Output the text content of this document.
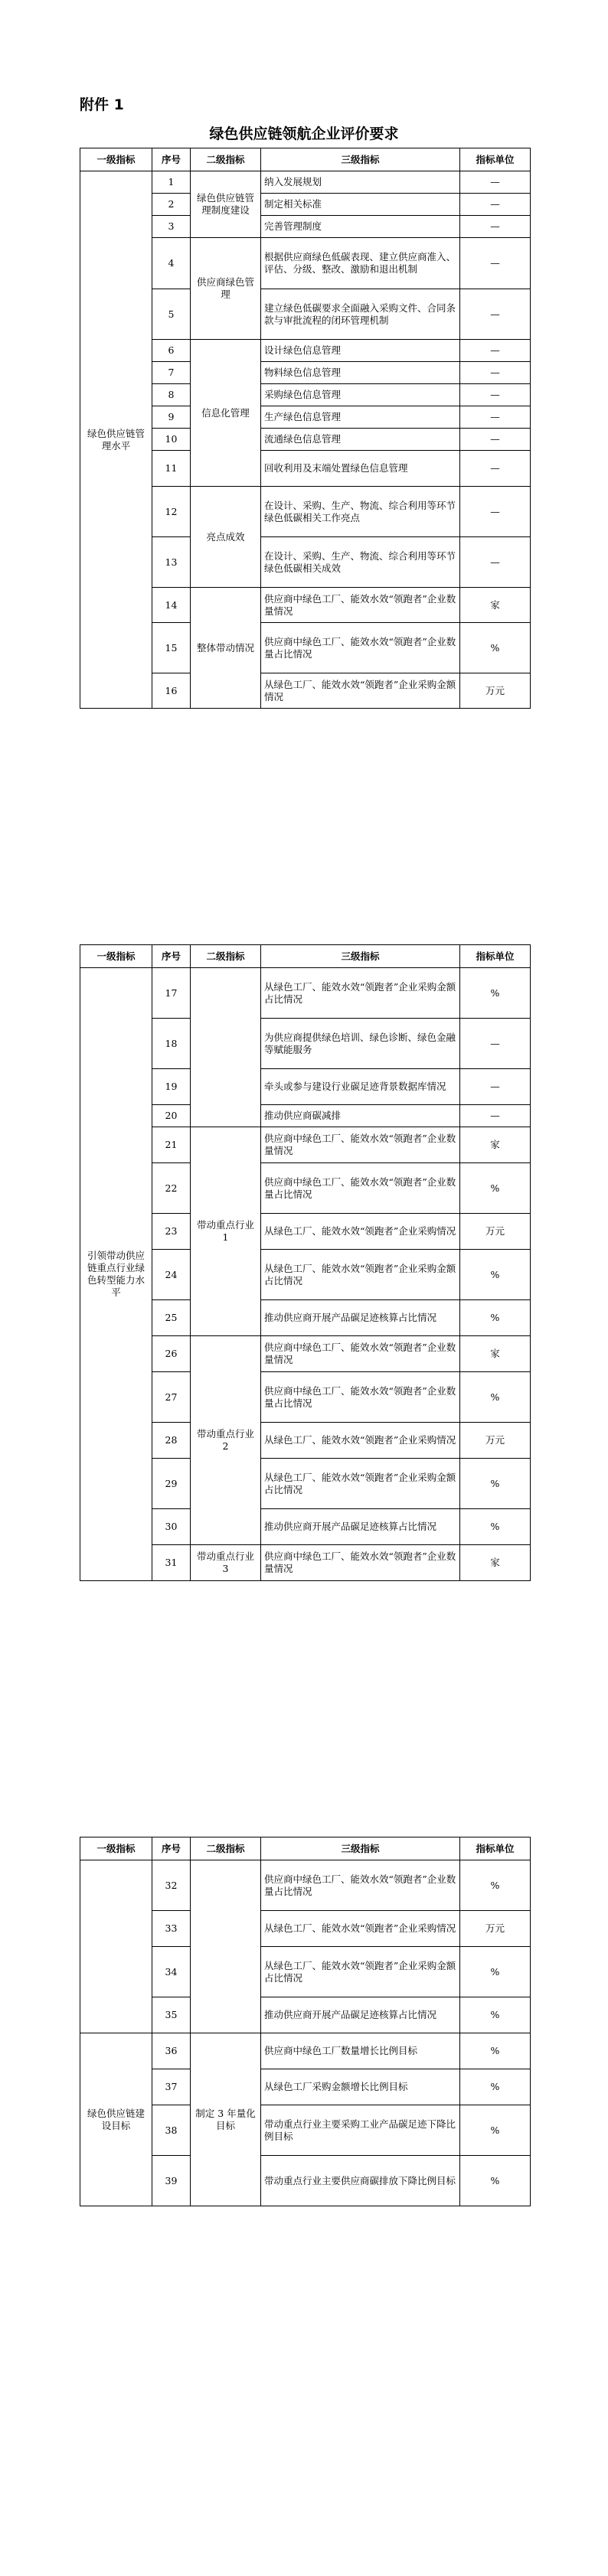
附件 1
绿色供应链领航企业评价要求
一级指标	序号	二级指标	三级指标	指标单位
绿色供应链管理水平	1	绿色供应链管理制度建设	纳入发展规划	—
	2		制定相关标准	—
	3		完善管理制度	—
	4	供应商绿色管理	根据供应商绿色低碳表现、建立供应商准入、评估、分级、整改、激励和退出机制	—
	5		建立绿色低碳要求全面融入采购文件、合同条款与审批流程的闭环管理机制	—
	6	信息化管理	设计绿色信息管理	—
	7		物料绿色信息管理	—
	8		采购绿色信息管理	—
	9		生产绿色信息管理	—
	10		流通绿色信息管理	—
	11		回收利用及末端处置绿色信息管理	—
	12	亮点成效	在设计、采购、生产、物流、综合利用等环节绿色低碳相关工作亮点	—
	13		在设计、采购、生产、物流、综合利用等环节绿色低碳相关成效	—
	14	整体带动情况	供应商中绿色工厂、能效水效“领跑者”企业数量情况	家
	15		供应商中绿色工厂、能效水效“领跑者”企业数量占比情况	%
	16		从绿色工厂、能效水效“领跑者”企业采购金额情况	万元
一级指标	序号	二级指标	三级指标	指标单位
引领带动供应链重点行业绿色转型能力水平	17		从绿色工厂、能效水效“领跑者”企业采购金额占比情况	%
	18		为供应商提供绿色培训、绿色诊断、绿色金融等赋能服务	—
	19		牵头或参与建设行业碳足迹背景数据库情况	—
	20		推动供应商碳减排	—
	21	带动重点行业 1	供应商中绿色工厂、能效水效“领跑者”企业数量情况	家
	22		供应商中绿色工厂、能效水效“领跑者”企业数量占比情况	%
	23		从绿色工厂、能效水效“领跑者”企业采购情况	万元
	24		从绿色工厂、能效水效“领跑者”企业采购金额占比情况	%
	25		推动供应商开展产品碳足迹核算占比情况	%
	26	带动重点行业 2	供应商中绿色工厂、能效水效“领跑者”企业数量情况	家
	27		供应商中绿色工厂、能效水效“领跑者”企业数量占比情况	%
	28		从绿色工厂、能效水效“领跑者”企业采购情况	万元
	29		从绿色工厂、能效水效“领跑者”企业采购金额占比情况	%
	30		推动供应商开展产品碳足迹核算占比情况	%
	31	带动重点行业 3	供应商中绿色工厂、能效水效“领跑者”企业数量情况	家
一级指标	序号	二级指标	三级指标	指标单位
	32		供应商中绿色工厂、能效水效“领跑者”企业数量占比情况	%
	33		从绿色工厂、能效水效“领跑者”企业采购情况	万元
	34		从绿色工厂、能效水效“领跑者”企业采购金额占比情况	%
	35		推动供应商开展产品碳足迹核算占比情况	%
绿色供应链建设目标	36	制定 3 年量化目标	供应商中绿色工厂数量增长比例目标	%
	37		从绿色工厂采购金额增长比例目标	%
	38		带动重点行业主要采购工业产品碳足迹下降比例目标	%
	39		带动重点行业主要供应商碳排放下降比例目标	%
